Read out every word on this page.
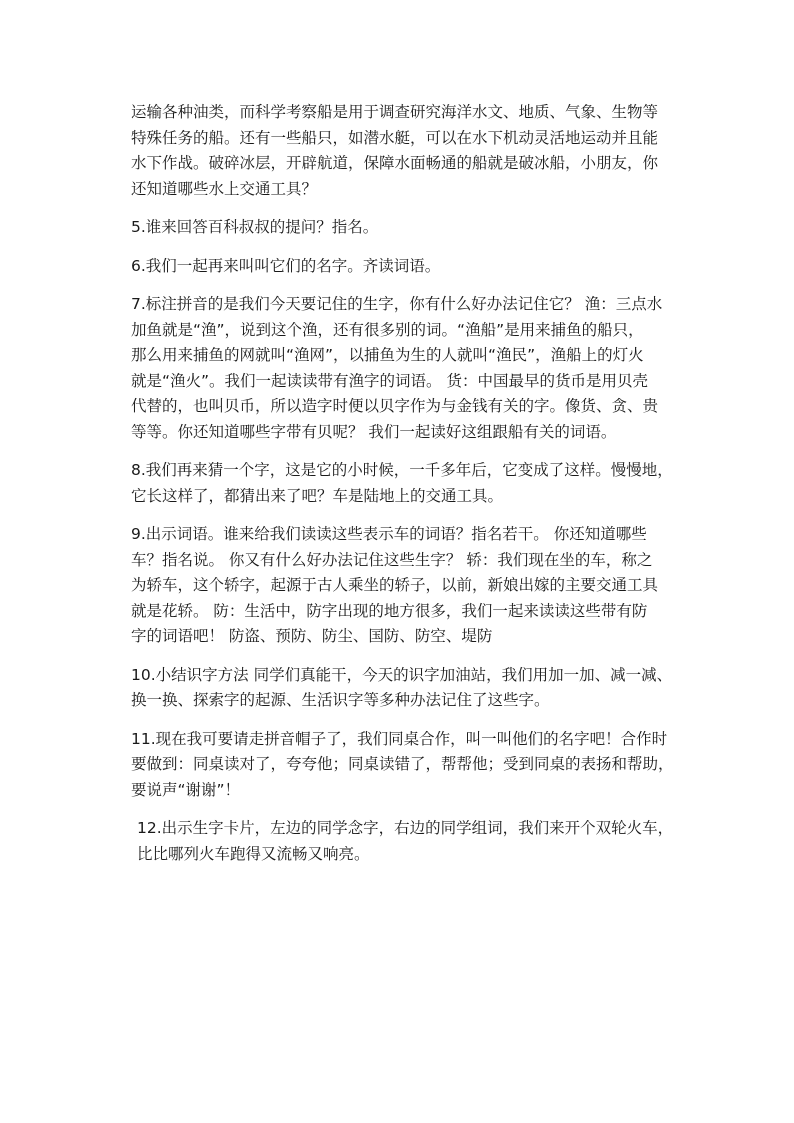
运输各种油类，而科学考察船是用于调查研究海洋水文、地质、气象、生物等
特殊任务的船。还有一些船只，如潜水艇，可以在水下机动灵活地运动并且能
水下作战。破碎冰层，开辟航道，保障水面畅通的船就是破冰船，小朋友，你
还知道哪些水上交通工具？

5.谁来回答百科叔叔的提问？指名。

6.我们一起再来叫叫它们的名字。齐读词语。

7.标注拼音的是我们今天要记住的生字，你有什么好办法记住它？ 渔：三点水
加鱼就是“渔”，说到这个渔，还有很多别的词。“渔船”是用来捕鱼的船只，
那么用来捕鱼的网就叫“渔网”，以捕鱼为生的人就叫“渔民”，渔船上的灯火
就是“渔火”。我们一起读读带有渔字的词语。 货：中国最早的货币是用贝壳
代替的，也叫贝币，所以造字时便以贝字作为与金钱有关的字。像货、贪、贵
等等。你还知道哪些字带有贝呢？ 我们一起读好这组跟船有关的词语。

8.我们再来猜一个字，这是它的小时候，一千多年后，它变成了这样。慢慢地，
它长这样了，都猜出来了吧？车是陆地上的交通工具。

9.出示词语。谁来给我们读读这些表示车的词语？指名若干。 你还知道哪些
车？指名说。 你又有什么好办法记住这些生字？ 轿：我们现在坐的车，称之
为轿车，这个轿字，起源于古人乘坐的轿子，以前，新娘出嫁的主要交通工具
就是花轿。 防：生活中，防字出现的地方很多，我们一起来读读这些带有防
字的词语吧！ 防盗、预防、防尘、国防、防空、堤防

10.小结识字方法 同学们真能干，今天的识字加油站，我们用加一加、减一减、
换一换、探索字的起源、生活识字等多种办法记住了这些字。

11.现在我可要请走拼音帽子了，我们同桌合作，叫一叫他们的名字吧！合作时
要做到：同桌读对了，夸夸他；同桌读错了，帮帮他；受到同桌的表扬和帮助，
要说声“谢谢”！

12.出示生字卡片，左边的同学念字，右边的同学组词，我们来开个双轮火车，
比比哪列火车跑得又流畅又响亮。
